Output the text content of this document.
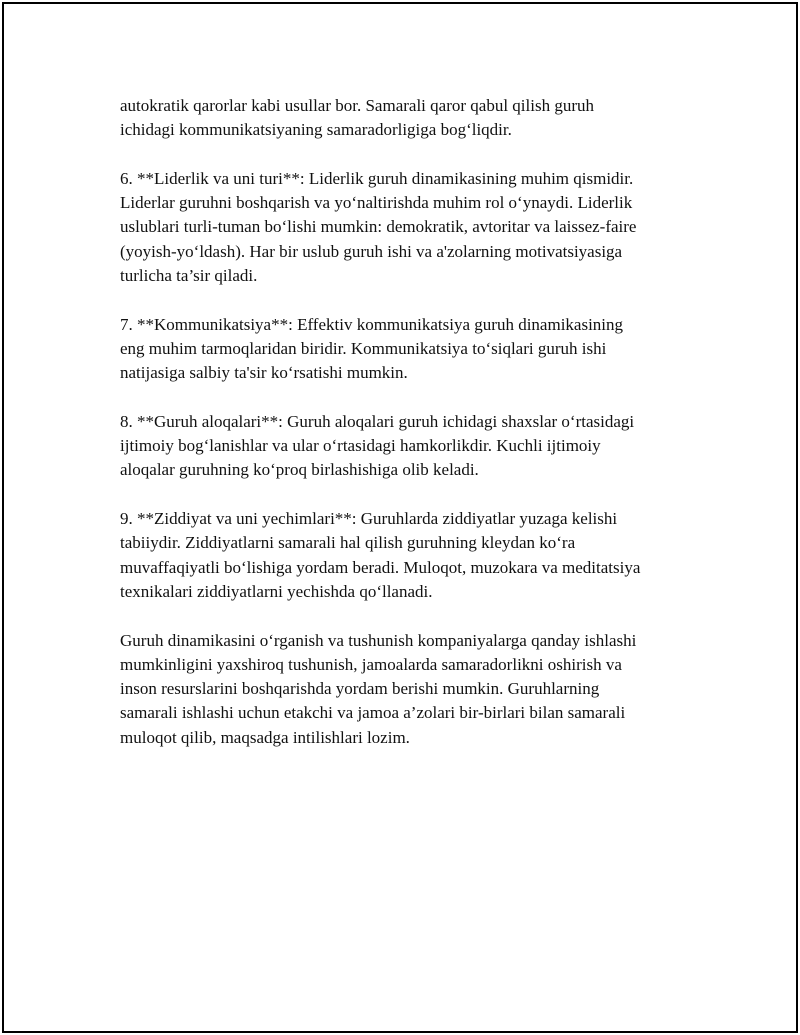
autokratik qarorlar kabi usullar bor. Samarali qaror qabul qilish guruh
ichidagi kommunikatsiyaning samaradorligiga bog‘liqdir.

6. **Liderlik va uni turi**: Liderlik guruh dinamikasining muhim qismidir.
Liderlar guruhni boshqarish va yo‘naltirishda muhim rol o‘ynaydi. Liderlik
uslublari turli-tuman bo‘lishi mumkin: demokratik, avtoritar va laissez-faire
(yoyish-yo‘ldash). Har bir uslub guruh ishi va a'zolarning motivatsiyasiga
turlicha ta’sir qiladi.

7. **Kommunikatsiya**: Effektiv kommunikatsiya guruh dinamikasining
eng muhim tarmoqlaridan biridir. Kommunikatsiya to‘siqlari guruh ishi
natijasiga salbiy ta'sir ko‘rsatishi mumkin.

8. **Guruh aloqalari**: Guruh aloqalari guruh ichidagi shaxslar o‘rtasidagi
ijtimoiy bog‘lanishlar va ular o‘rtasidagi hamkorlikdir. Kuchli ijtimoiy
aloqalar guruhning ko‘proq birlashishiga olib keladi.

9. **Ziddiyat va uni yechimlari**: Guruhlarda ziddiyatlar yuzaga kelishi
tabiiydir. Ziddiyatlarni samarali hal qilish guruhning kleydan ko‘ra
muvaffaqiyatli bo‘lishiga yordam beradi. Muloqot, muzokara va meditatsiya
texnikalari ziddiyatlarni yechishda qo‘llanadi.

Guruh dinamikasini o‘rganish va tushunish kompaniyalarga qanday ishlashi
mumkinligini yaxshiroq tushunish, jamoalarda samaradorlikni oshirish va
inson resurslarini boshqarishda yordam berishi mumkin. Guruhlarning
samarali ishlashi uchun etakchi va jamoa a’zolari bir-birlari bilan samarali
muloqot qilib, maqsadga intilishlari lozim.
